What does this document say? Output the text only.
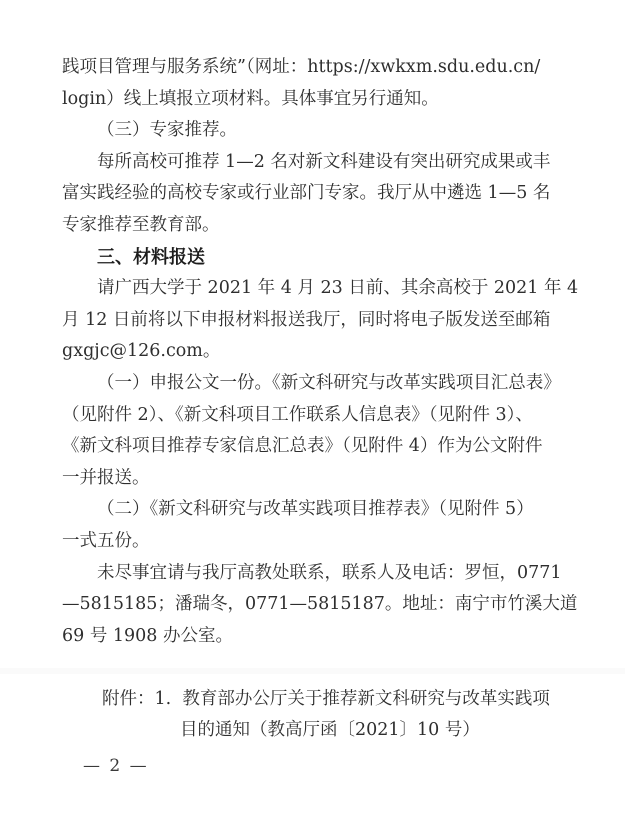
践项目管理与服务系统”（网址：https://xwkxm.sdu.edu.cn/
login）线上填报立项材料。具体事宜另行通知。
（三）专家推荐。
每所高校可推荐 1—2 名对新文科建设有突出研究成果或丰
富实践经验的高校专家或行业部门专家。我厅从中遴选 1—5 名
专家推荐至教育部。
三、材料报送
请广西大学于 2021 年 4 月 23 日前、其余高校于 2021 年 4
月 12 日前将以下申报材料报送我厅，同时将电子版发送至邮箱
gxgjc@126.com。
（一）申报公文一份。《新文科研究与改革实践项目汇总表》
（见附件 2）、《新文科项目工作联系人信息表》（见附件 3）、
《新文科项目推荐专家信息汇总表》（见附件 4）作为公文附件
一并报送。
（二）《新文科研究与改革实践项目推荐表》（见附件 5）
一式五份。
未尽事宜请与我厅高教处联系，联系人及电话：罗恒，0771
—5815185；潘瑞冬，0771—5815187。地址：南宁市竹溪大道
69 号 1908 办公室。
附件：1.  教育部办公厅关于推荐新文科研究与改革实践项
目的通知（教高厅函〔2021〕10 号）
— 2 —
